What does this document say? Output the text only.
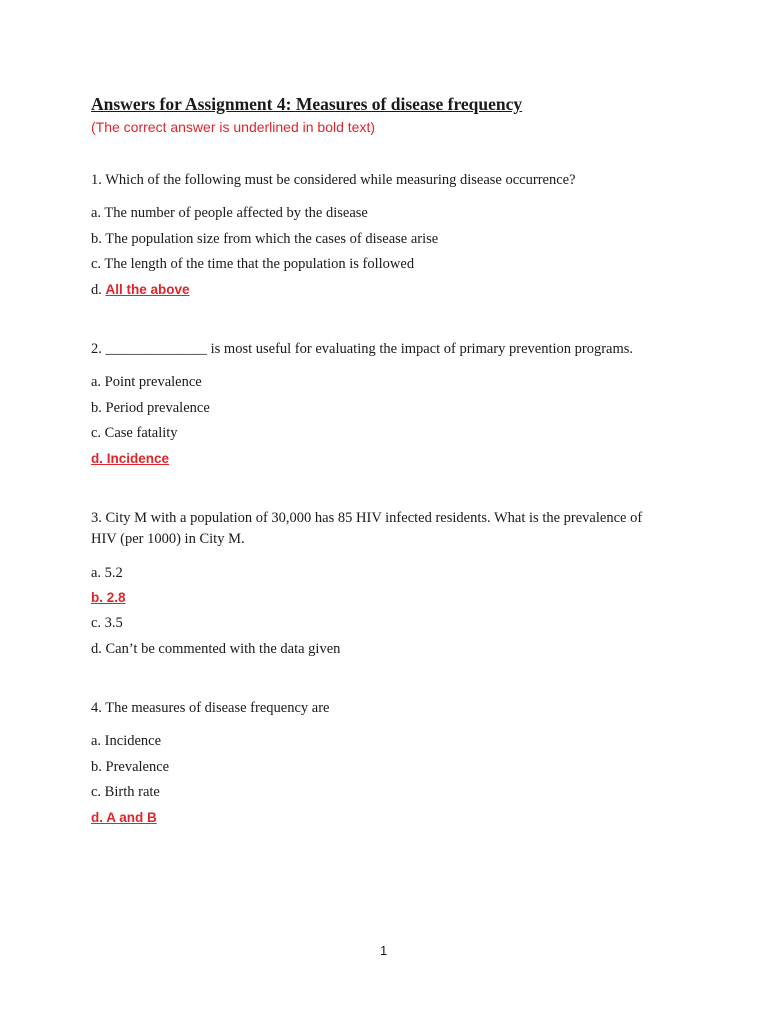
Answers for Assignment 4: Measures of disease frequency
(The correct answer is underlined in bold text)
1. Which of the following must be considered while measuring disease occurrence?
a. The number of people affected by the disease
b. The population size from which the cases of disease arise
c. The length of the time that the population is followed
d. All the above
2. ______________ is most useful for evaluating the impact of primary prevention programs.
a. Point prevalence
b. Period prevalence
c. Case fatality
d. Incidence
3. City M with a population of 30,000 has 85 HIV infected residents. What is the prevalence of
HIV (per 1000) in City M.
a. 5.2
b. 2.8
c. 3.5
d. Can’t be commented with the data given
4. The measures of disease frequency are
a. Incidence
b. Prevalence
c. Birth rate
d. A and B
1
